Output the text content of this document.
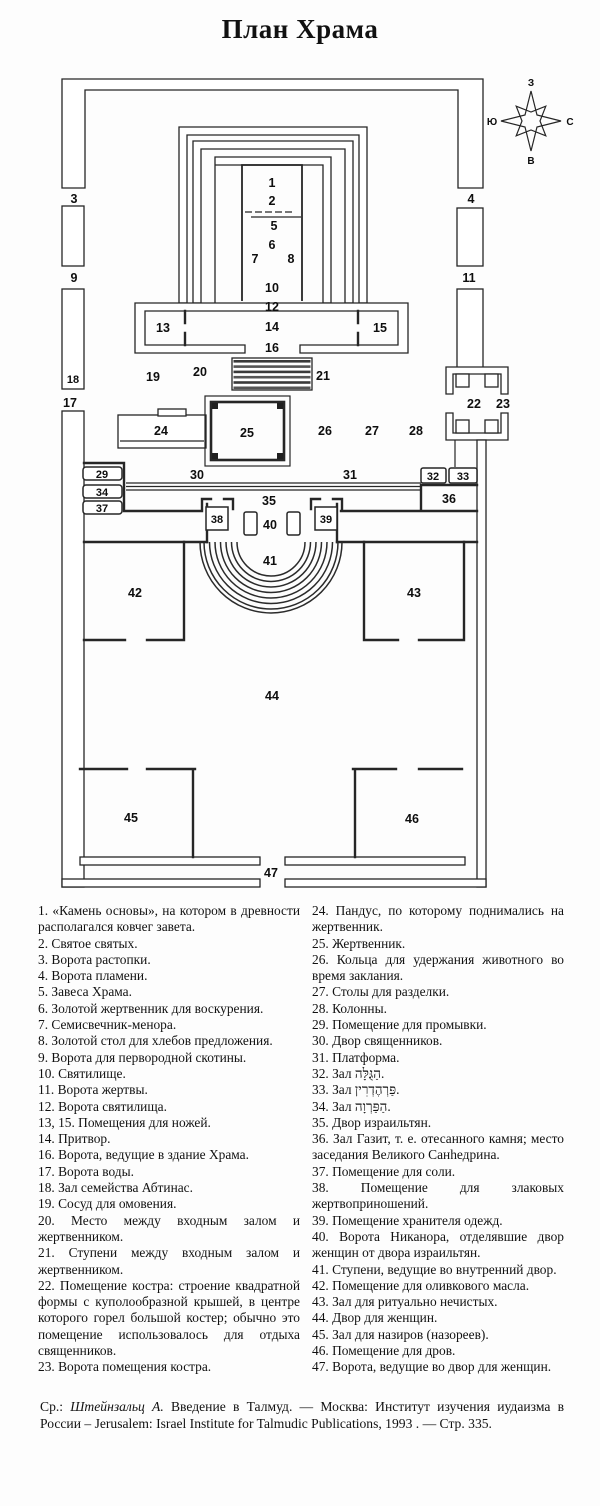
План Храма
З
Ю	С
В
1
2
3	4
5
6
7 8
9
10
11
12
13	14	15
16
17
18	19	20	21
22 23
24	25	26	27 28
29	30	31	32 33
34
35	36
37
38	39
40
41
42	43
44
45	46
47

1. «Камень основы», на котором в древности располагался ковчег завета.

2. Святое святых.

3. Ворота растопки.

4. Ворота пламени.

5. Завеса Храма.

6. Золотой жертвенник для воскурения.

7. Семисвечник-менора.

8. Золотой стол для хлебов предложения.

9. Ворота для первородной скотины.

10. Святилище.

11. Ворота жертвы.

12. Ворота святилища.

13, 15. Помещения для ножей.

14. Притвор.

16. Ворота, ведущие в здание Храма.

17. Ворота воды.

18. Зал семейства Абтинас.

19. Сосуд для омовения.

20. Место между входным залом и жертвенником.

21. Ступени между входным залом и жертвенником.

22. Помещение костра: строение квадратной формы с куполообразной крышей, в центре которого горел большой костер; обычно это помещение использовалось для отдыха священников.

23. Ворота помещения костра.

24. Пандус, по которому поднимались на жертвенник.

25. Жертвенник.

26. Кольца для удержания животного во время заклания.

27. Столы для разделки.

28. Колонны.

29. Помещение для промывки.

30. Двор священников.

31. Платформа.

32. Зал הַגֻּלָּה.

33. Зал פַּרְהֶדְרִין.

34. Зал הַפַּרְוָה.

35. Двор израильтян.

36. Зал Газит, т. е. отесанного камня; место заседания Великого Санhедрина.

37. Помещение для соли.

38. Помещение для злаковых жертвоприношений.

39. Помещение хранителя одежд.

40. Ворота Никанора, отделявшие двор женщин от двора израильтян.

41. Ступени, ведущие во внутренний двор.

42. Помещение для оливкового масла.

43. Зал для ритуально нечистых.

44. Двор для женщин.

45. Зал для назиров (назореев).

46. Помещение для дров.

47. Ворота, ведущие во двор для женщин.

Ср.: Штейнзальц А. Введение в Талмуд. — Москва: Институт изучения иудаизма в России – Jerusalem: Israel Institute for Talmudic Publications, 1993 . — Стр. 335.
